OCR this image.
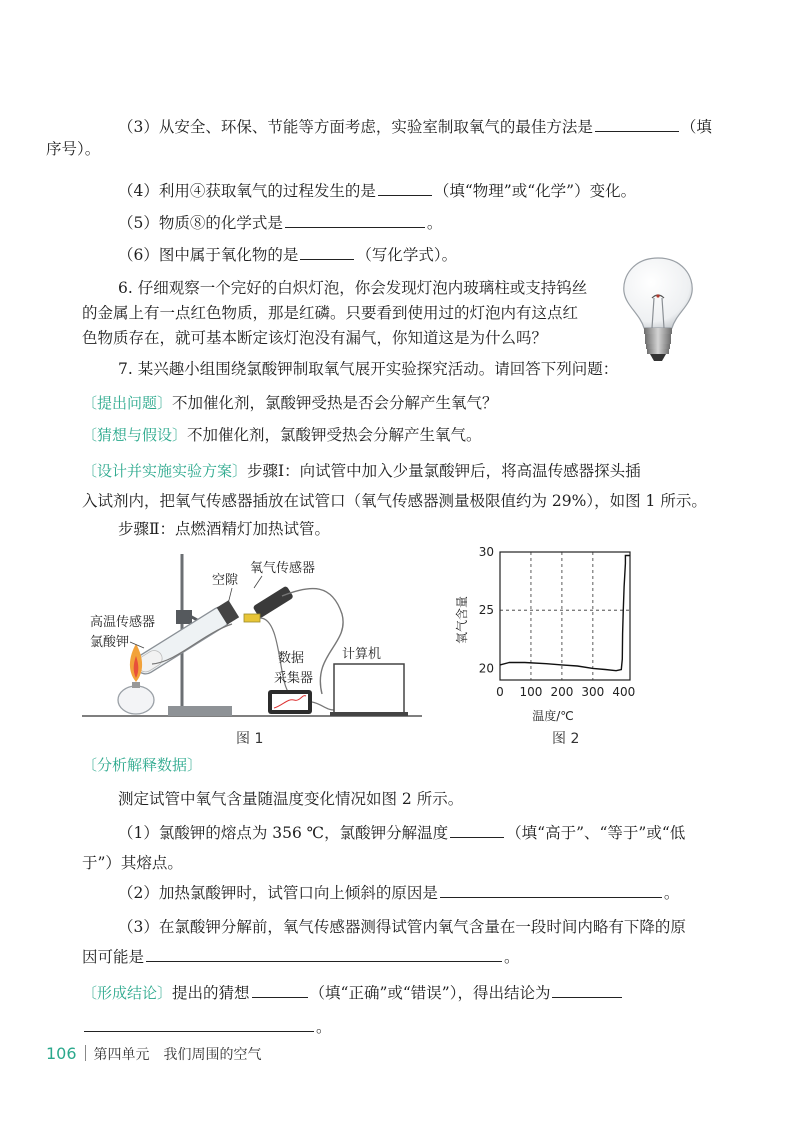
（3）从安全、环保、节能等方面考虑，实验室制取氧气的最佳方法是	（填
序号）。
（4）利用④获取氧气的过程发生的是	（填“物理”或“化学”）变化。
（5）物质⑧的化学式是	。
（6）图中属于氧化物的是	（写化学式）。
6. 仔细观察一个完好的白炽灯泡，你会发现灯泡内玻璃柱或支持钨丝
的金属上有一点红色物质，那是红磷。只要看到使用过的灯泡内有这点红
色物质存在，就可基本断定该灯泡没有漏气，你知道这是为什么吗？
7. 某兴趣小组围绕氯酸钾制取氧气展开实验探究活动。请回答下列问题：
〔提出问题〕不加催化剂，氯酸钾受热是否会分解产生氧气？
〔猜想与假设〕不加催化剂，氯酸钾受热会分解产生氧气。
〔设计并实施实验方案〕步骤Ⅰ：向试管中加入少量氯酸钾后，将高温传感器探头插
入试剂内，把氧气传感器插放在试管口（氧气传感器测量极限值约为 29%），如图 1 所示。
步骤Ⅱ：点燃酒精灯加热试管。
空隙
氧气传感器
高温传感器
氯酸钾
数据
采集器
计算机
图 1
0 100 200 300 400
20
25
30
温度/℃
氧气含量
图 2
〔分析解释数据〕
测定试管中氧气含量随温度变化情况如图 2 所示。
（1）氯酸钾的熔点为 356 ℃，氯酸钾分解温度	（填“高于”、“等于”或“低
于”）其熔点。
（2）加热氯酸钾时，试管口向上倾斜的原因是	。
（3）在氯酸钾分解前，氧气传感器测得试管内氧气含量在一段时间内略有下降的原
因可能是	。
〔形成结论〕提出的猜想	（填“正确”或“错误”），得出结论为
。
106 第四单元　我们周围的空气
